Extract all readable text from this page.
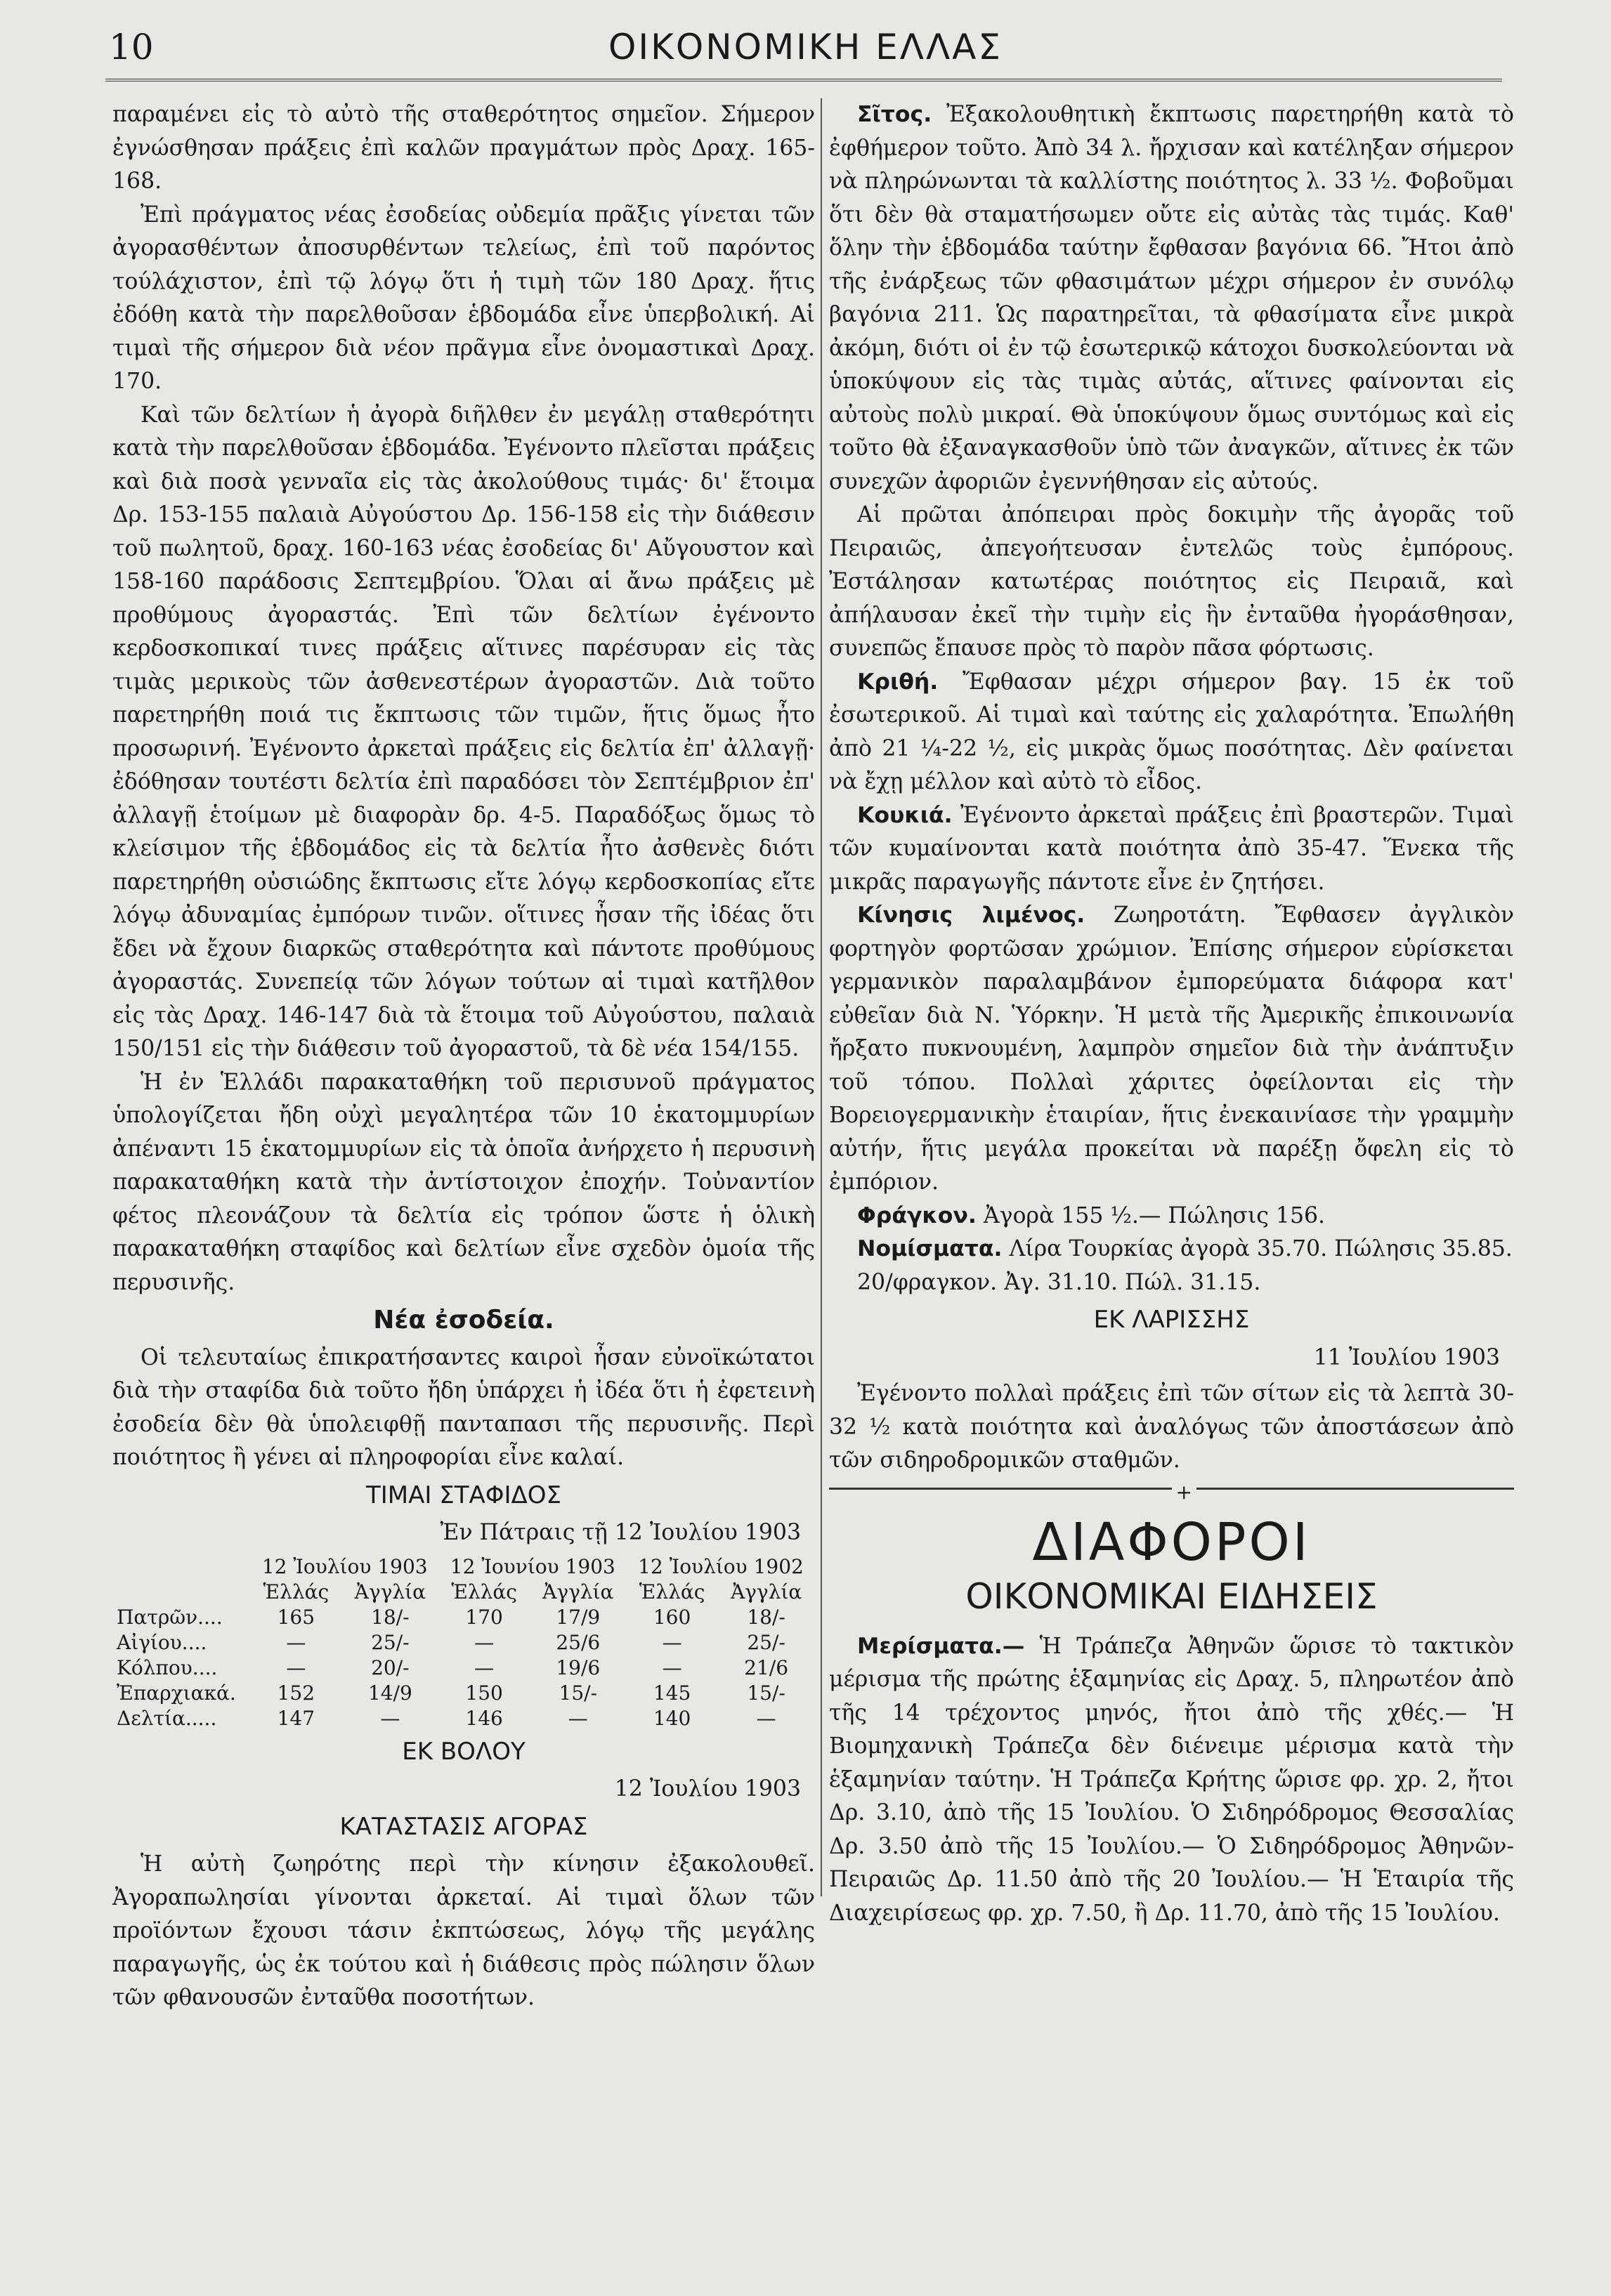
10	ΟΙΚΟΝΟΜΙΚΗ ΕΛΛΑΣ

παραμένει εἰς τὸ αὐτὸ τῆς σταθερότητος σημεῖον. Σήμερον ἐγνώσθησαν πράξεις ἐπὶ καλῶν πραγμάτων πρὸς Δραχ. 165-168.

Ἐπὶ πράγματος νέας ἐσοδείας οὐδεμία πρᾶξις γίνεται τῶν ἀγορασθέντων ἀποσυρθέντων τελείως, ἐπὶ τοῦ παρόντος τούλάχιστον, ἐπὶ τῷ λόγῳ ὅτι ἡ τιμὴ τῶν 180 Δραχ. ἥτις ἐδόθη κατὰ τὴν παρελθοῦσαν ἑβδομάδα εἶνε ὑπερβολική. Αἱ τιμαὶ τῆς σήμερον διὰ νέον πρᾶγμα εἶνε ὀνομαστικαὶ Δραχ. 170.

Καὶ τῶν δελτίων ἡ ἀγορὰ διῆλθεν ἐν μεγάλῃ σταθερότητι κατὰ τὴν παρελθοῦσαν ἑβδομάδα. Ἐγένοντο πλεῖσται πράξεις καὶ διὰ ποσὰ γενναῖα εἰς τὰς ἀκολούθους τιμάς· δι' ἕτοιμα Δρ. 153-155 παλαιὰ Αὐγούστου Δρ. 156-158 εἰς τὴν διάθεσιν τοῦ πωλητοῦ, δραχ. 160-163 νέας ἐσοδείας δι' Αὔγουστον καὶ 158-160 παράδοσις Σεπτεμβρίου. Ὅλαι αἱ ἄνω πράξεις μὲ προθύμους ἀγοραστάς. Ἐπὶ τῶν δελτίων ἐγένοντο κερδοσκοπικαί τινες πράξεις αἵτινες παρέσυραν εἰς τὰς τιμὰς μερικοὺς τῶν ἀσθενεστέρων ἀγοραστῶν. Διὰ τοῦτο παρετηρήθη ποιά τις ἔκπτωσις τῶν τιμῶν, ἥτις ὅμως ἦτο προσωρινή. Ἐγένοντο ἀρκεταὶ πράξεις εἰς δελτία ἐπ' ἀλλαγῇ· ἐδόθησαν τουτέστι δελτία ἐπὶ παραδόσει τὸν Σεπτέμβριον ἐπ' ἀλλαγῇ ἑτοίμων μὲ διαφορὰν δρ. 4-5. Παραδόξως ὅμως τὸ κλείσιμον τῆς ἑβδομάδος εἰς τὰ δελτία ἦτο ἀσθενὲς διότι παρετηρήθη οὐσιώδης ἔκπτωσις εἴτε λόγῳ κερδοσκοπίας εἴτε λόγῳ ἀδυναμίας ἐμπόρων τινῶν. οἵτινες ἦσαν τῆς ἰδέας ὅτι ἔδει νὰ ἔχουν διαρκῶς σταθερότητα καὶ πάντοτε προθύμους ἀγοραστάς. Συνεπείᾳ τῶν λόγων τούτων αἱ τιμαὶ κατῆλθον εἰς τὰς Δραχ. 146-147 διὰ τὰ ἕτοιμα τοῦ Αὐγούστου, παλαιὰ 150/151 εἰς τὴν διάθεσιν τοῦ ἀγοραστοῦ, τὰ δὲ νέα 154/155.

Ἡ ἐν Ἑλλάδι παρακαταθήκη τοῦ περισυνοῦ πράγματος ὑπολογίζεται ἤδη οὐχὶ μεγαλητέρα τῶν 10 ἑκατομμυρίων ἀπέναντι 15 ἑκατομμυρίων εἰς τὰ ὁποῖα ἀνήρχετο ἡ περυσινὴ παρακαταθήκη κατὰ τὴν ἀντίστοιχον ἐποχήν. Τοὐναντίον φέτος πλεονάζουν τὰ δελτία εἰς τρόπον ὥστε ἡ ὁλικὴ παρακαταθήκη σταφίδος καὶ δελτίων εἶνε σχεδὸν ὁμοία τῆς περυσινῆς.

Νέα ἐσοδεία.

Οἱ τελευταίως ἐπικρατήσαντες καιροὶ ἦσαν εὐνοϊκώτατοι διὰ τὴν σταφίδα διὰ τοῦτο ἤδη ὑπάρχει ἡ ἰδέα ὅτι ἡ ἐφετεινὴ ἐσοδεία δὲν θὰ ὑπολειφθῇ πανταπασι τῆς περυσινῆς. Περὶ ποιότητος ἢ γένει αἱ πληροφορίαι εἶνε καλαί.

ΤΙΜΑΙ ΣΤΑΦΙΔΟΣ
Ἐν Πάτραις τῇ 12 Ἰουλίου 1903
	12 Ἰουλίου 1903		12 Ἰουνίου 1903		12 Ἰουλίου 1902	
	Ἑλλάς	Ἀγγλία	Ἑλλάς	Ἀγγλία	Ἑλλάς	Ἀγγλία
Πατρῶν....	165	18/-	170	17/9	160	18/-
Αἰγίου....	—	25/-	—	25/6	—	25/-
Κόλπου....	—	20/-	—	19/6	—	21/6
Ἐπαρχιακά.	152	14/9	150	15/-	145	15/-
Δελτία.....	147	—	146	—	140	—
ΕΚ ΒΟΛΟΥ
12 Ἰουλίου 1903
ΚΑΤΑΣΤΑΣΙΣ ΑΓΟΡΑΣ

Ἡ αὐτὴ ζωηρότης περὶ τὴν κίνησιν ἐξακολουθεῖ. Ἀγοραπωλησίαι γίνονται ἀρκεταί. Αἱ τιμαὶ ὅλων τῶν προϊόντων ἔχουσι τάσιν ἐκπτώσεως, λόγῳ τῆς μεγάλης παραγωγῆς, ὡς ἐκ τούτου καὶ ἡ διάθεσις πρὸς πώλησιν ὅλων τῶν φθανουσῶν ἐνταῦθα ποσοτήτων.

Σῖτος. Ἐξακολουθητικὴ ἔκπτωσις παρετηρήθη κατὰ τὸ ἐφθήμερον τοῦτο. Ἀπὸ 34 λ. ἤρχισαν καὶ κατέληξαν σήμερον νὰ πληρώνωνται τὰ καλλίστης ποιότητος λ. 33 ½. Φοβοῦμαι ὅτι δὲν θὰ σταματήσωμεν οὔτε εἰς αὐτὰς τὰς τιμάς. Καθ' ὅλην τὴν ἑβδομάδα ταύτην ἔφθασαν βαγόνια 66. Ἤτοι ἀπὸ τῆς ἐνάρξεως τῶν φθασιμάτων μέχρι σήμερον ἐν συνόλῳ βαγόνια 211. Ὡς παρατηρεῖται, τὰ φθασίματα εἶνε μικρὰ ἀκόμη, διότι οἱ ἐν τῷ ἐσωτερικῷ κάτοχοι δυσκολεύονται νὰ ὑποκύψουν εἰς τὰς τιμὰς αὐτάς, αἵτινες φαίνονται εἰς αὐτοὺς πολὺ μικραί. Θὰ ὑποκύψουν ὅμως συντόμως καὶ εἰς τοῦτο θὰ ἐξαναγκασθοῦν ὑπὸ τῶν ἀναγκῶν, αἵτινες ἐκ τῶν συνεχῶν ἀφοριῶν ἐγεννήθησαν εἰς αὐτούς.

Αἱ πρῶται ἀπόπειραι πρὸς δοκιμὴν τῆς ἀγορᾶς τοῦ Πειραιῶς, ἀπεγοήτευσαν ἐντελῶς τοὺς ἐμπόρους. Ἐστάλησαν κατωτέρας ποιότητος εἰς Πειραιᾶ, καὶ ἀπήλαυσαν ἐκεῖ τὴν τιμὴν εἰς ἣν ἐνταῦθα ἠγοράσθησαν, συνεπῶς ἔπαυσε πρὸς τὸ παρὸν πᾶσα φόρτωσις.

Κριθή. Ἔφθασαν μέχρι σήμερον βαγ. 15 ἐκ τοῦ ἐσωτερικοῦ. Αἱ τιμαὶ καὶ ταύτης εἰς χαλαρότητα. Ἐπωλήθη ἀπὸ 21 ¼-22 ½, εἰς μικρὰς ὅμως ποσότητας. Δὲν φαίνεται νὰ ἔχῃ μέλλον καὶ αὐτὸ τὸ εἶδος.

Κουκιά. Ἐγένοντο ἀρκεταὶ πράξεις ἐπὶ βραστερῶν. Τιμαὶ τῶν κυμαίνονται κατὰ ποιότητα ἀπὸ 35-47. Ἕνεκα τῆς μικρᾶς παραγωγῆς πάντοτε εἶνε ἐν ζητήσει.

Κίνησις λιμένος. Ζωηροτάτη. Ἔφθασεν ἀγγλικὸν φορτηγὸν φορτῶσαν χρώμιον. Ἐπίσης σήμερον εὑρίσκεται γερμανικὸν παραλαμβάνον ἐμπορεύματα διάφορα κατ' εὐθεῖαν διὰ Ν. Ὑόρκην. Ἡ μετὰ τῆς Ἀμερικῆς ἐπικοινωνία ἤρξατο πυκνουμένη, λαμπρὸν σημεῖον διὰ τὴν ἀνάπτυξιν τοῦ τόπου. Πολλαὶ χάριτες ὀφείλονται εἰς τὴν Βορειογερμανικὴν ἑταιρίαν, ἥτις ἐνεκαινίασε τὴν γραμμὴν αὐτήν, ἥτις μεγάλα προκείται νὰ παρέξῃ ὄφελη εἰς τὸ ἐμπόριον.

Φράγκον. Ἀγορὰ 155 ½.— Πώλησις 156.

Νομίσματα. Λίρα Τουρκίας ἀγορὰ 35.70. Πώλησις 35.85.

20/φραγκον. Ἀγ. 31.10. Πώλ. 31.15.

ΕΚ ΛΑΡΙΣΣΗΣ
11 Ἰουλίου 1903

Ἐγένοντο πολλαὶ πράξεις ἐπὶ τῶν σίτων εἰς τὰ λεπτὰ 30-32 ½ κατὰ ποιότητα καὶ ἀναλόγως τῶν ἀποστάσεων ἀπὸ τῶν σιδηροδρομικῶν σταθμῶν.

+
ΔΙΑΦΟΡΟΙ
ΟΙΚΟΝΟΜΙΚΑΙ ΕΙΔΗΣΕΙΣ

Μερίσματα.— Ἡ Τράπεζα Ἀθηνῶν ὥρισε τὸ τακτικὸν μέρισμα τῆς πρώτης ἑξαμηνίας εἰς Δραχ. 5, πληρωτέον ἀπὸ τῆς 14 τρέχοντος μηνός, ἤτοι ἀπὸ τῆς χθές.— Ἡ Βιομηχανικὴ Τράπεζα δὲν διένειμε μέρισμα κατὰ τὴν ἑξαμηνίαν ταύτην. Ἡ Τράπεζα Κρήτης ὥρισε φρ. χρ. 2, ἤτοι Δρ. 3.10, ἀπὸ τῆς 15 Ἰουλίου. Ὁ Σιδηρόδρομος Θεσσαλίας Δρ. 3.50 ἀπὸ τῆς 15 Ἰουλίου.— Ὁ Σιδηρόδρομος Ἀθηνῶν-Πειραιῶς Δρ. 11.50 ἀπὸ τῆς 20 Ἰουλίου.— Ἡ Ἑταιρία τῆς Διαχειρίσεως φρ. χρ. 7.50, ἢ Δρ. 11.70, ἀπὸ τῆς 15 Ἰουλίου.
